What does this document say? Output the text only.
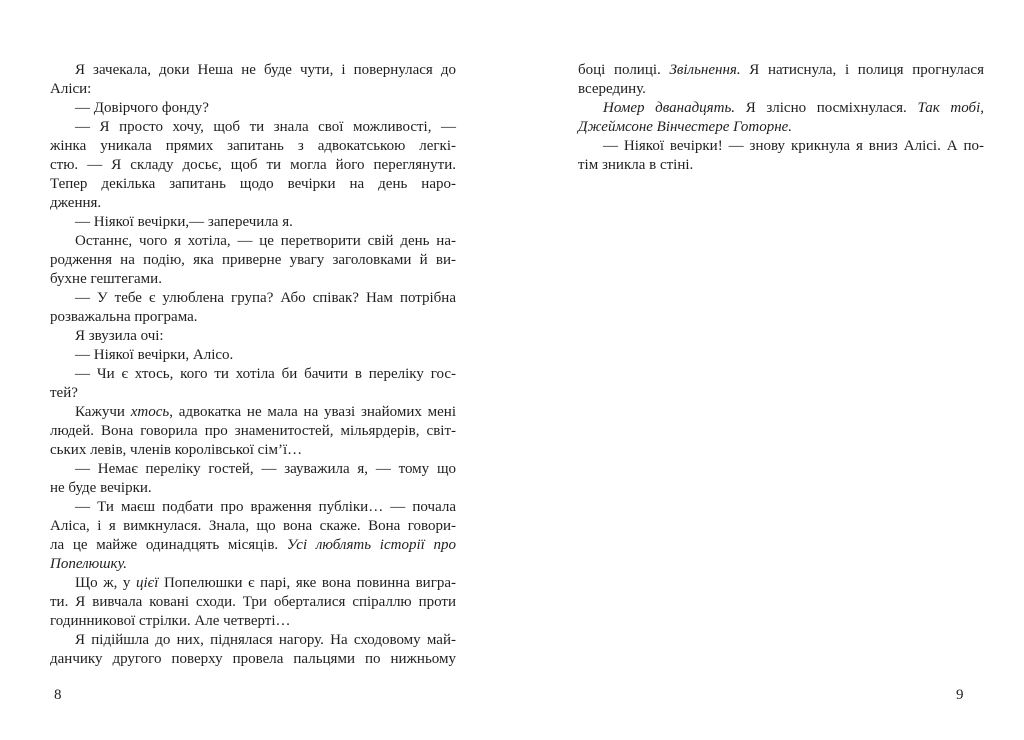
Я зачекала, доки Неша не буде чути, і повернулася до
Аліси:
— Довірчого фонду?
— Я просто хочу, щоб ти знала свої можливості, —
жінка уникала прямих запитань з адвокатською легкі-
стю. — Я складу досьє, щоб ти могла його переглянути.
Тепер декілька запитань щодо вечірки на день наро-
дження.
— Ніякої вечірки,— заперечила я.
Останнє, чого я хотіла, — це перетворити свій день на-
родження на подію, яка приверне увагу заголовками й ви-
бухне гештегами.
— У тебе є улюблена група? Або співак? Нам потрібна
розважальна програма.
Я звузила очі:
— Ніякої вечірки, Алісо.
— Чи є хтось, кого ти хотіла би бачити в переліку гос-
тей?
Кажучи хтось, адвокатка не мала на увазі знайомих мені
людей. Вона говорила про знаменитостей, мільярдерів, світ-
ських левів, членів королівської сім’ї…
— Немає переліку гостей, — зауважила я, — тому що
не буде вечірки.
— Ти маєш подбати про враження публіки… — почала
Аліса, і я вимкнулася. Знала, що вона скаже. Вона говори-
ла це майже одинадцять місяців. Усі люблять історії про
Попелюшку.
Що ж, у цієї Попелюшки є парі, яке вона повинна вигра-
ти. Я вивчала ковані сходи. Три оберталися спіраллю проти
годинникової стрілки. Але четверті…
Я підійшла до них, піднялася нагору. На сходовому май-
данчику другого поверху провела пальцями по нижньому
боці полиці. Звільнення. Я натиснула, і полиця прогнулася
всередину.
Номер дванадцять. Я злісно посміхнулася. Так тобі,
Джеймсоне Вінчестере Готорне.
— Ніякої вечірки! — знову крикнула я вниз Алісі. А по-
тім зникла в стіні.
8	9
